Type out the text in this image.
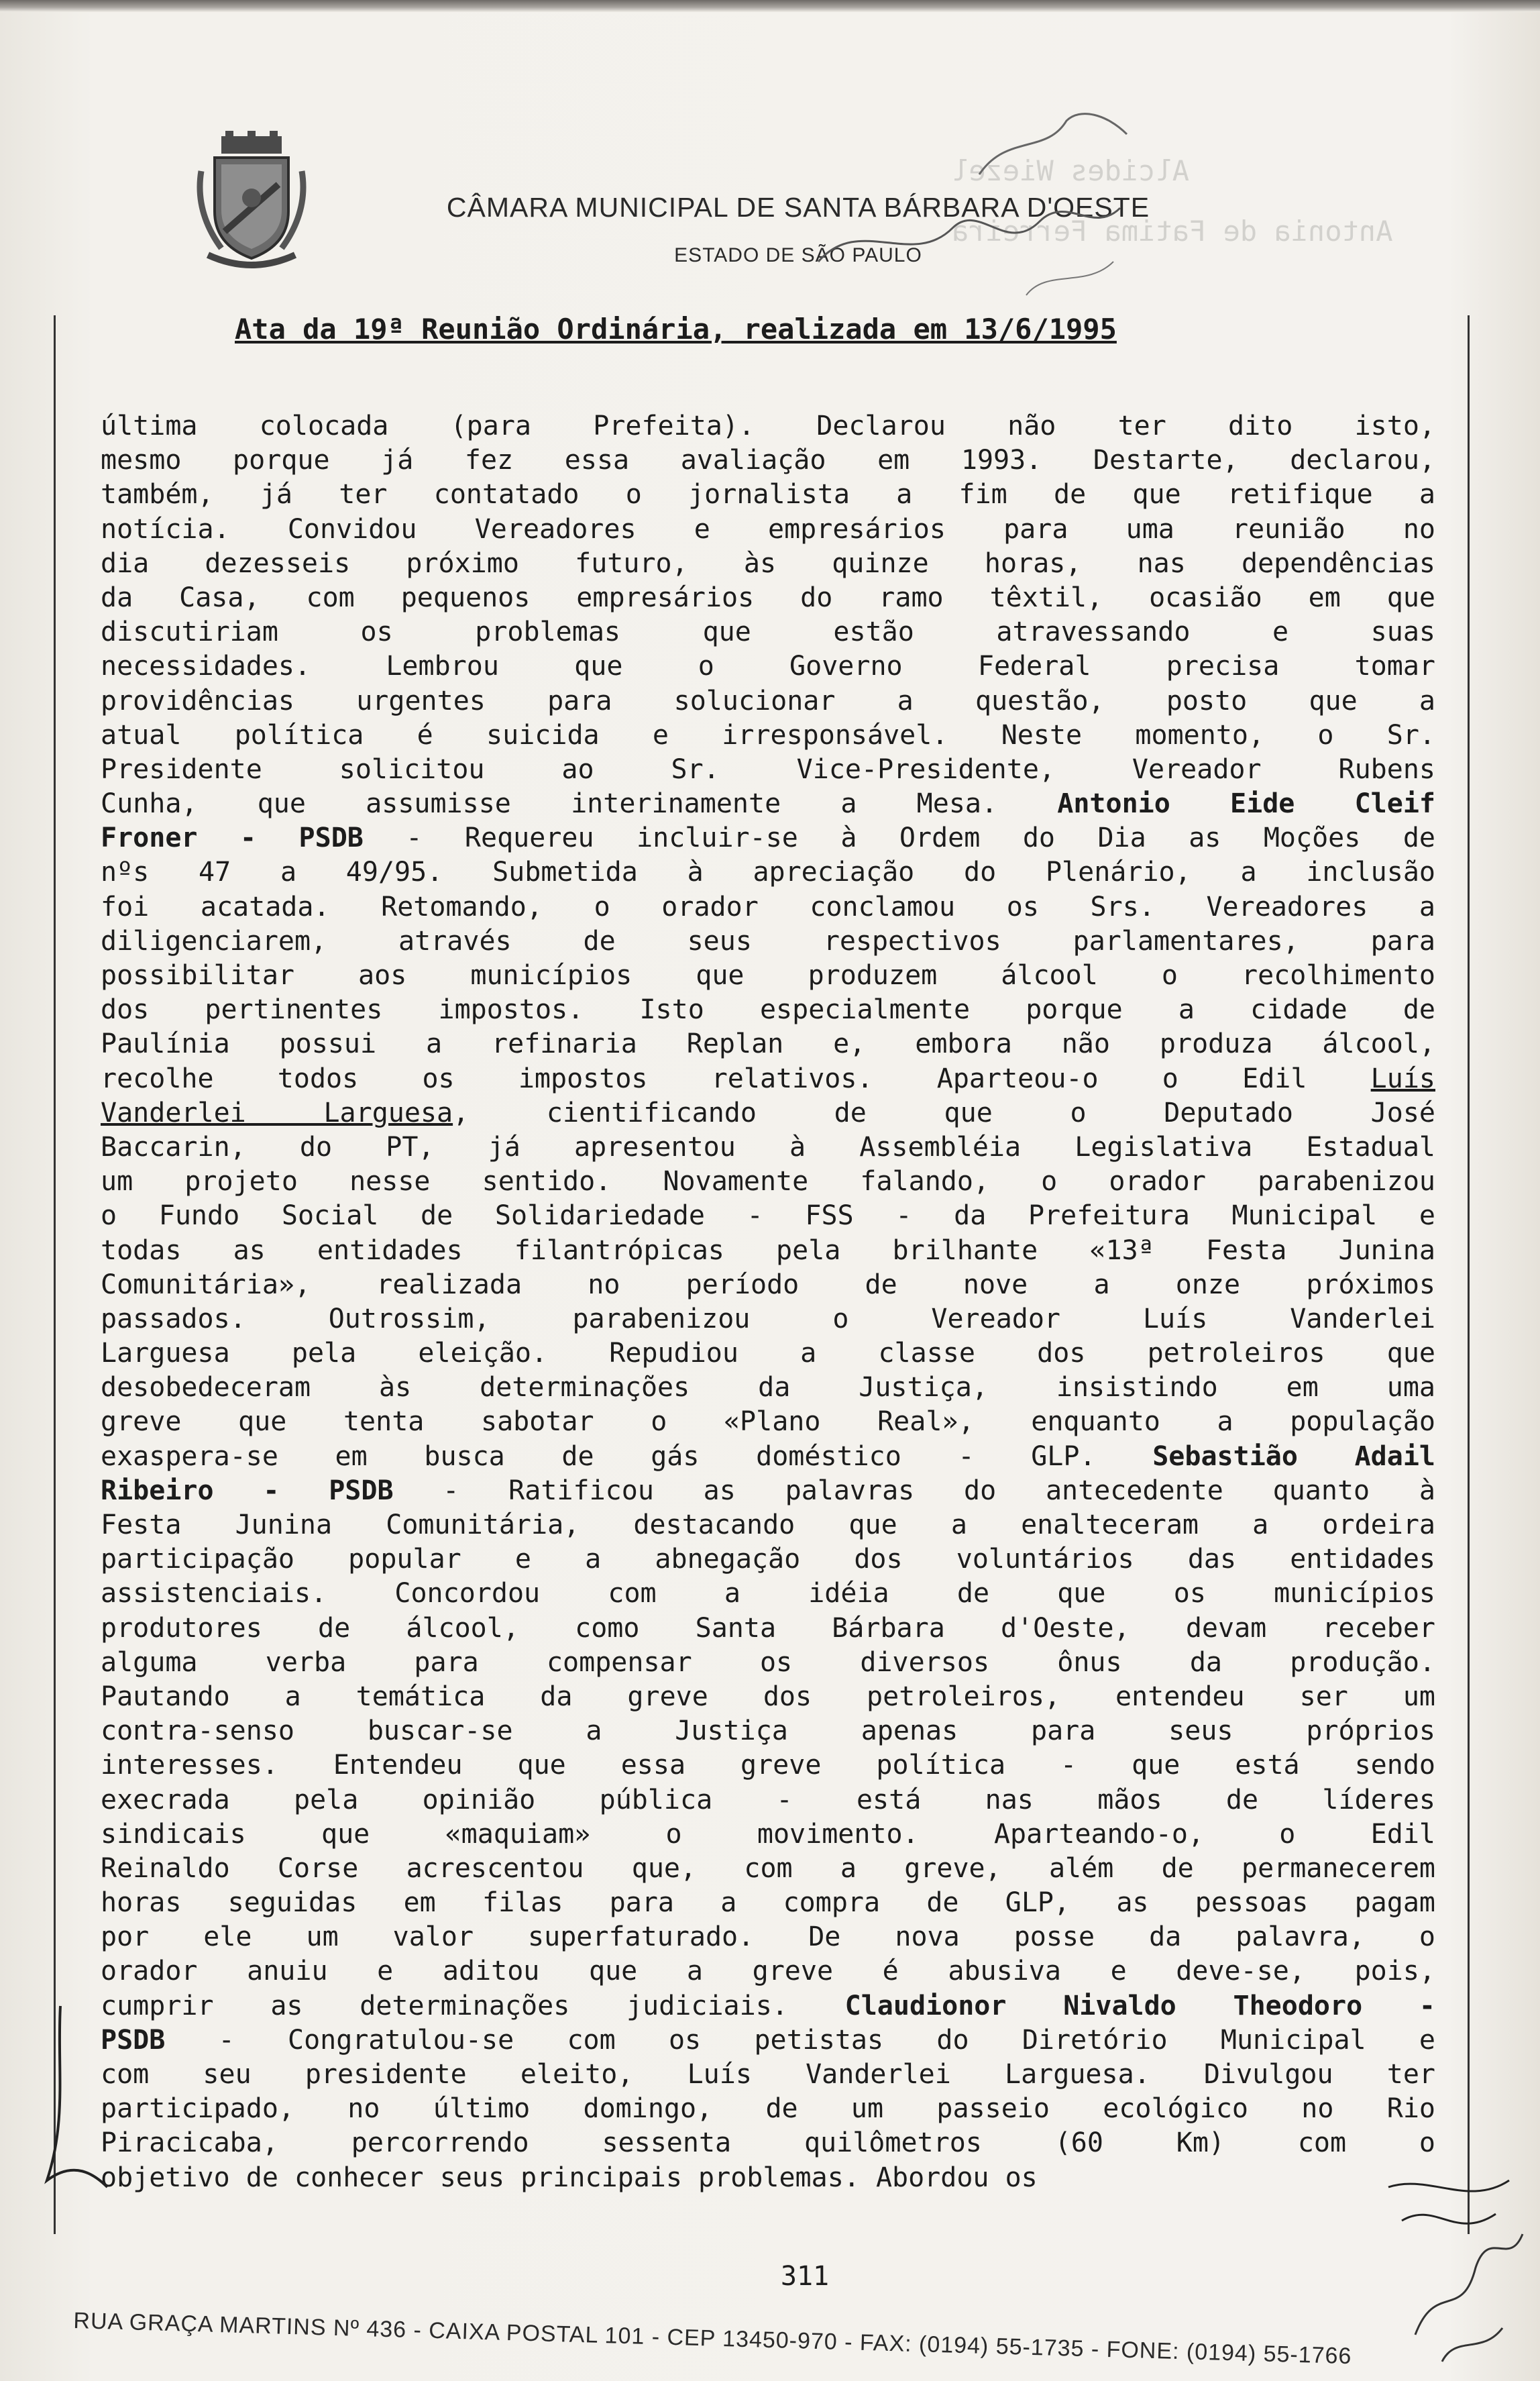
Alcides Wiezel
Antonia de Fatima Ferreira
CÂMARA MUNICIPAL DE SANTA BÁRBARA D'OESTE
ESTADO DE SÃO PAULO
Ata da 19ª Reunião Ordinária, realizada em 13/6/1995
última colocada (para Prefeita). Declarou não ter dito isto,
mesmo porque já fez essa avaliação em 1993. Destarte, declarou,
também, já ter contatado o jornalista a fim de que retifique a
notícia. Convidou Vereadores e empresários para uma reunião no
dia dezesseis próximo futuro, às quinze horas, nas dependências
da Casa, com pequenos empresários do ramo têxtil, ocasião em que
discutiriam os problemas que estão atravessando e suas
necessidades. Lembrou que o Governo Federal precisa tomar
providências urgentes para solucionar a questão, posto que a
atual política é suicida e irresponsável. Neste momento, o Sr.
Presidente solicitou ao Sr. Vice-Presidente, Vereador Rubens
Cunha, que assumisse interinamente a Mesa. Antonio Eide Cleif
Froner - PSDB - Requereu incluir-se à Ordem do Dia as Moções de
nºs 47 a 49/95. Submetida à apreciação do Plenário, a inclusão
foi acatada. Retomando, o orador conclamou os Srs. Vereadores a
diligenciarem, através de seus respectivos parlamentares, para
possibilitar aos municípios que produzem álcool o recolhimento
dos pertinentes impostos. Isto especialmente porque a cidade de
Paulínia possui a refinaria Replan e, embora não produza álcool,
recolhe todos os impostos relativos. Aparteou-o o Edil Luís
Vanderlei Larguesa, cientificando de que o Deputado José
Baccarin, do PT, já apresentou à Assembléia Legislativa Estadual
um projeto nesse sentido. Novamente falando, o orador parabenizou
o Fundo Social de Solidariedade - FSS - da Prefeitura Municipal e
todas as entidades filantrópicas pela brilhante «13ª Festa Junina
Comunitária», realizada no período de nove a onze próximos
passados. Outrossim, parabenizou o Vereador Luís Vanderlei
Larguesa pela eleição. Repudiou a classe dos petroleiros que
desobedeceram às determinações da Justiça, insistindo em uma
greve que tenta sabotar o «Plano Real», enquanto a população
exaspera-se em busca de gás doméstico - GLP. Sebastião Adail
Ribeiro - PSDB - Ratificou as palavras do antecedente quanto à
Festa Junina Comunitária, destacando que a enalteceram a ordeira
participação popular e a abnegação dos voluntários das entidades
assistenciais. Concordou com a idéia de que os municípios
produtores de álcool, como Santa Bárbara d'Oeste, devam receber
alguma verba para compensar os diversos ônus da produção.
Pautando a temática da greve dos petroleiros, entendeu ser um
contra-senso buscar-se a Justiça apenas para seus próprios
interesses. Entendeu que essa greve política - que está sendo
execrada pela opinião pública - está nas mãos de líderes
sindicais que «maquiam» o movimento. Aparteando-o, o Edil
Reinaldo Corse acrescentou que, com a greve, além de permanecerem
horas seguidas em filas para a compra de GLP, as pessoas pagam
por ele um valor superfaturado. De nova posse da palavra, o
orador anuiu e aditou que a greve é abusiva e deve-se, pois,
cumprir as determinações judiciais. Claudionor Nivaldo Theodoro -
PSDB - Congratulou-se com os petistas do Diretório Municipal e
com seu presidente eleito, Luís Vanderlei Larguesa. Divulgou ter
participado, no último domingo, de um passeio ecológico no Rio
Piracicaba, percorrendo sessenta quilômetros (60 Km) com o
objetivo de conhecer seus principais problemas. Abordou os
311
RUA GRAÇA MARTINS Nº 436 - CAIXA POSTAL 101 - CEP 13450-970 - FAX: (0194) 55-1735 - FONE: (0194) 55-1766
